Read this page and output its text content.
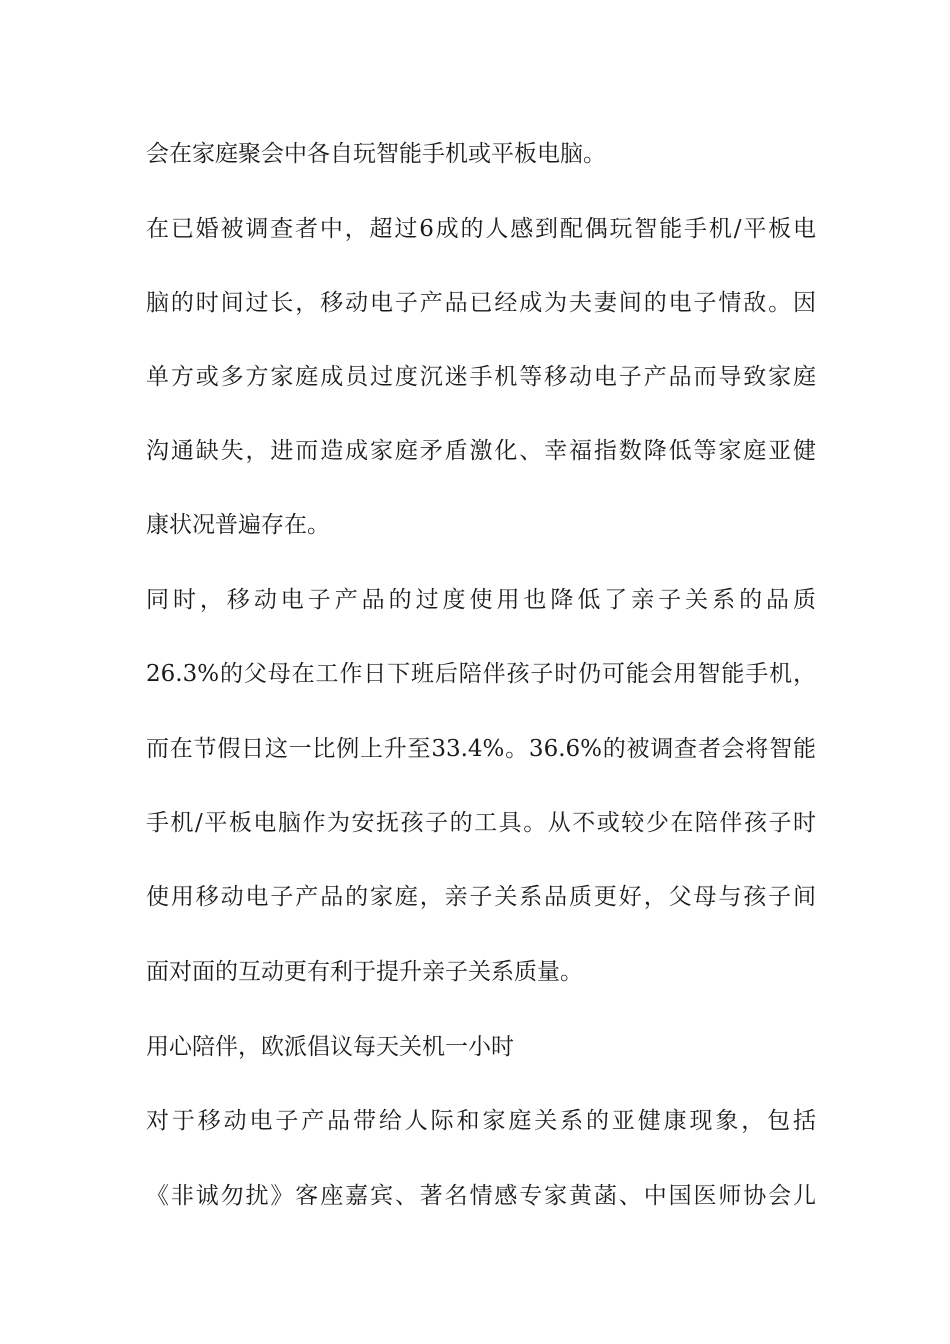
会在家庭聚会中各自玩智能手机或平板电脑。

在已婚被调查者中，超过6成的人感到配偶玩智能手机/平板电

脑的时间过长，移动电子产品已经成为夫妻间的电子情敌。因

单方或多方家庭成员过度沉迷手机等移动电子产品而导致家庭

沟通缺失，进而造成家庭矛盾激化、幸福指数降低等家庭亚健

康状况普遍存在。

同时，移动电子产品的过度使用也降低了亲子关系的品质

26.3%的父母在工作日下班后陪伴孩子时仍可能会用智能手机，

而在节假日这一比例上升至33.4%。36.6%的被调查者会将智能

手机/平板电脑作为安抚孩子的工具。从不或较少在陪伴孩子时

使用移动电子产品的家庭，亲子关系品质更好，父母与孩子间

面对面的互动更有利于提升亲子关系质量。

用心陪伴，欧派倡议每天关机一小时

对于移动电子产品带给人际和家庭关系的亚健康现象，包括

《非诚勿扰》客座嘉宾、著名情感专家黄菡、中国医师协会儿
